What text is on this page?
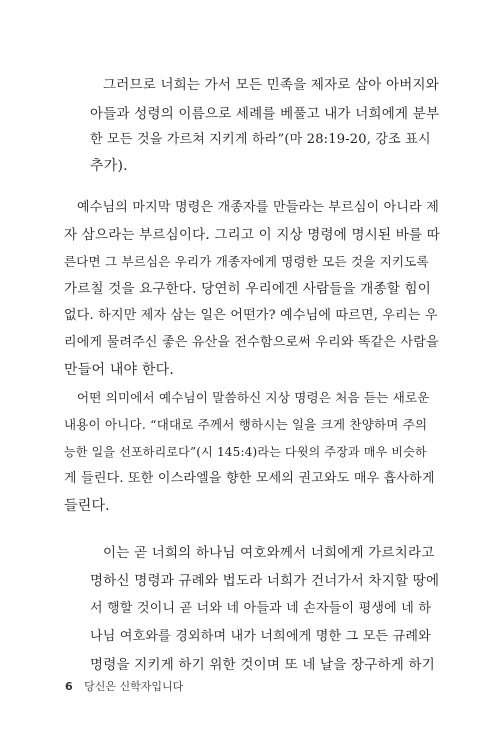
그러므로 너희는 가서 모든 민족을 제자로 삼아 아버지와
아들과 성령의 이름으로 세례를 베풀고 내가 너희에게 분부
한 모든 것을 가르쳐 지키게 하라”(마 28:19-20, 강조 표시
추가).
예수님의 마지막 명령은 개종자를 만들라는 부르심이 아니라 제
자 삼으라는 부르심이다. 그리고 이 지상 명령에 명시된 바를 따
른다면 그 부르심은 우리가 개종자에게 명령한 모든 것을 지키도록
가르칠 것을 요구한다. 당연히 우리에겐 사람들을 개종할 힘이
없다. 하지만 제자 삼는 일은 어떤가? 예수님에 따르면, 우리는 우
리에게 물려주신 좋은 유산을 전수함으로써 우리와 똑같은 사람을
만들어 내야 한다.
어떤 의미에서 예수님이 말씀하신 지상 명령은 처음 듣는 새로운
내용이 아니다. “대대로 주께서 행하시는 일을 크게 찬양하며 주의
능한 일을 선포하리로다”(시 145:4)라는 다윗의 주장과 매우 비슷하
게 들린다. 또한 이스라엘을 향한 모세의 권고와도 매우 흡사하게
들린다.
이는 곧 너희의 하나님 여호와께서 너희에게 가르치라고
명하신 명령과 규례와 법도라 너희가 건너가서 차지할 땅에
서 행할 것이니 곧 너와 네 아들과 네 손자들이 평생에 네 하
나님 여호와를 경외하며 내가 너희에게 명한 그 모든 규례와
명령을 지키게 하기 위한 것이며 또 네 날을 장구하게 하기
6 당신은 신학자입니다
